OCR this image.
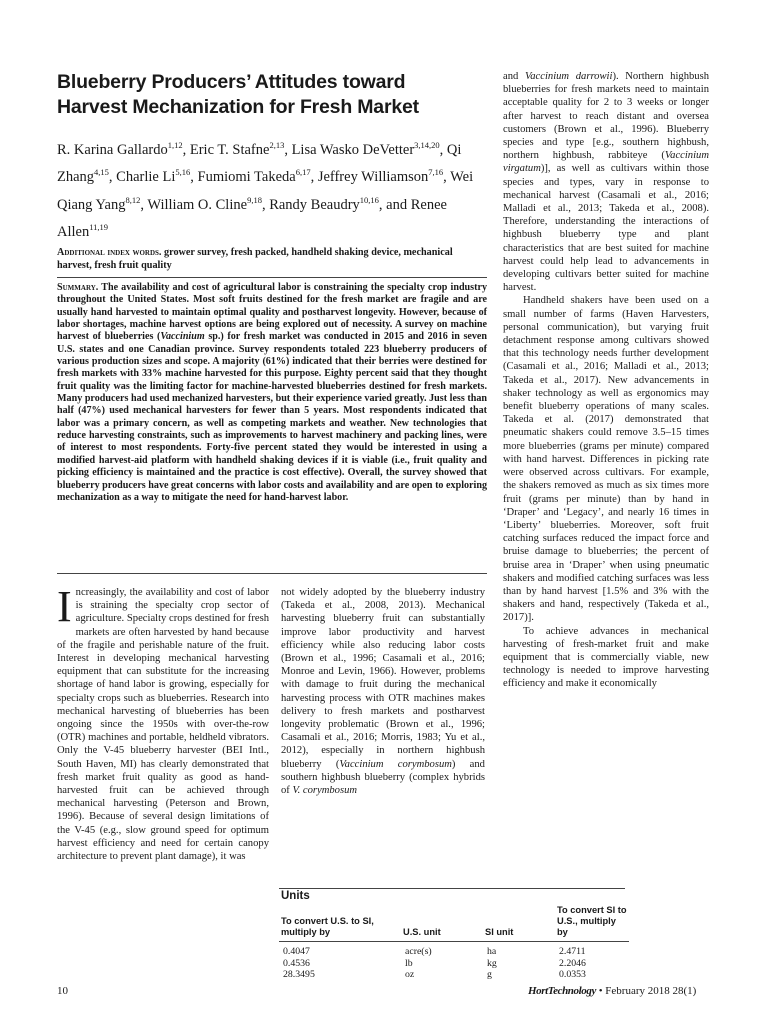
Blueberry Producers’ Attitudes toward Harvest Mechanization for Fresh Market
R. Karina Gallardo$^{1,12}$, Eric T. Stafne$^{2,13}$, Lisa Wasko DeVetter$^{3,14,20}$, Qi Zhang$^{4,15}$, Charlie Li$^{5,16}$, Fumiomi Takeda$^{6,17}$, Jeffrey Williamson$^{7,16}$, Wei Qiang Yang$^{8,12}$, William O. Cline$^{9,18}$, Randy Beaudry$^{10,16}$, and Renee Allen$^{11,19}$
Additional index words. grower survey, fresh packed, handheld shaking device, mechanical harvest, fresh fruit quality
Summary. The availability and cost of agricultural labor is constraining the specialty crop industry throughout the United States. Most soft fruits destined for the fresh market are fragile and are usually hand harvested to maintain optimal quality and postharvest longevity. However, because of labor shortages, machine harvest options are being explored out of necessity. A survey on machine harvest of blueberries (Vaccinium sp.) for fresh market was conducted in 2015 and 2016 in seven U.S. states and one Canadian province. Survey respondents totaled 223 blueberry producers of various production sizes and scope. A majority (61%) indicated that their berries were destined for fresh markets with 33% machine harvested for this purpose. Eighty percent said that they thought fruit quality was the limiting factor for machine-harvested blueberries destined for fresh markets. Many producers had used mechanized harvesters, but their experience varied greatly. Just less than half (47%) used mechanical harvesters for fewer than 5 years. Most respondents indicated that labor was a primary concern, as well as competing markets and weather. New technologies that reduce harvesting constraints, such as improvements to harvest machinery and packing lines, were of interest to most respondents. Forty-five percent stated they would be interested in using a modified harvest-aid platform with handheld shaking devices if it is viable (i.e., fruit quality and picking efficiency is maintained and the practice is cost effective). Overall, the survey showed that blueberry producers have great concerns with labor costs and availability and are open to exploring mechanization as a way to mitigate the need for hand-harvest labor.
Increasingly, the availability and cost of labor is straining the specialty crop sector of agriculture. Specialty crops destined for fresh markets are often harvested by hand because of the fragile and perishable nature of the fruit. Interest in developing mechanical harvesting equipment that can substitute for the increasing shortage of hand labor is growing, especially for specialty crops such as blueberries. Research into mechanical harvesting of blueberries has been ongoing since the 1950s with over-the-row (OTR) machines and portable, heldheld vibrators. Only the V-45 blueberry harvester (BEI Intl., South Haven, MI) has clearly demonstrated that fresh market fruit quality as good as hand-harvested fruit can be achieved through mechanical harvesting (Peterson and Brown, 1996). Because of several design limitations of the V-45 (e.g., slow ground speed for optimum harvest efficiency and need for certain canopy architecture to prevent plant damage), it was
not widely adopted by the blueberry industry (Takeda et al., 2008, 2013). Mechanical harvesting blueberry fruit can substantially improve labor productivity and harvest efficiency while also reducing labor costs (Brown et al., 1996; Casamali et al., 2016; Monroe and Levin, 1966). However, problems with damage to fruit during the mechanical harvesting process with OTR machines makes delivery to fresh markets and postharvest longevity problematic (Brown et al., 1996; Casamali et al., 2016; Morris, 1983; Yu et al., 2012), especially in northern highbush blueberry (Vaccinium corymbosum) and southern highbush blueberry (complex hybrids of V. corymbosum

and Vaccinium darrowii). Northern highbush blueberries for fresh markets need to maintain acceptable quality for 2 to 3 weeks or longer after harvest to reach distant and oversea customers (Brown et al., 1996). Blueberry species and type [e.g., southern highbush, northern highbush, rabbiteye (Vaccinium virgatum)], as well as cultivars within those species and types, vary in response to mechanical harvest (Casamali et al., 2016; Malladi et al., 2013; Takeda et al., 2008). Therefore, understanding the interactions of highbush blueberry type and plant characteristics that are best suited for machine harvest could help lead to advancements in developing cultivars better suited for machine harvest.

Handheld shakers have been used on a small number of farms (Haven Harvesters, personal communication), but varying fruit detachment response among cultivars showed that this technology needs further development (Casamali et al., 2016; Malladi et al., 2013; Takeda et al., 2017). New advancements in shaker technology as well as ergonomics may benefit blueberry operations of many scales. Takeda et al. (2017) demonstrated that pneumatic shakers could remove 3.5–15 times more blueberries (grams per minute) compared with hand harvest. Differences in picking rate were observed across cultivars. For example, the shakers removed as much as six times more fruit (grams per minute) than by hand in ‘Draper’ and ‘Legacy’, and nearly 16 times in ‘Liberty’ blueberries. Moreover, soft fruit catching surfaces reduced the impact force and bruise damage to blueberries; the percent of bruise area in ‘Draper’ when using pneumatic shakers and modified catching surfaces was less than by hand harvest [1.5% and 3% with the shakers and hand, respectively (Takeda et al., 2017)].

To achieve advances in mechanical harvesting of fresh-market fruit and make equipment that is commercially viable, new technology is needed to improve harvesting efficiency and make it economically

Units
To convert U.S. to SI, multiply by	U.S. unit	SI unit	To convert SI to U.S., multiply by
0.4047	acre(s)	ha	2.4711
0.4536	lb	kg	2.2046
28.3495	oz	g	0.0353
10	HortTechnology • February 2018 28(1)
